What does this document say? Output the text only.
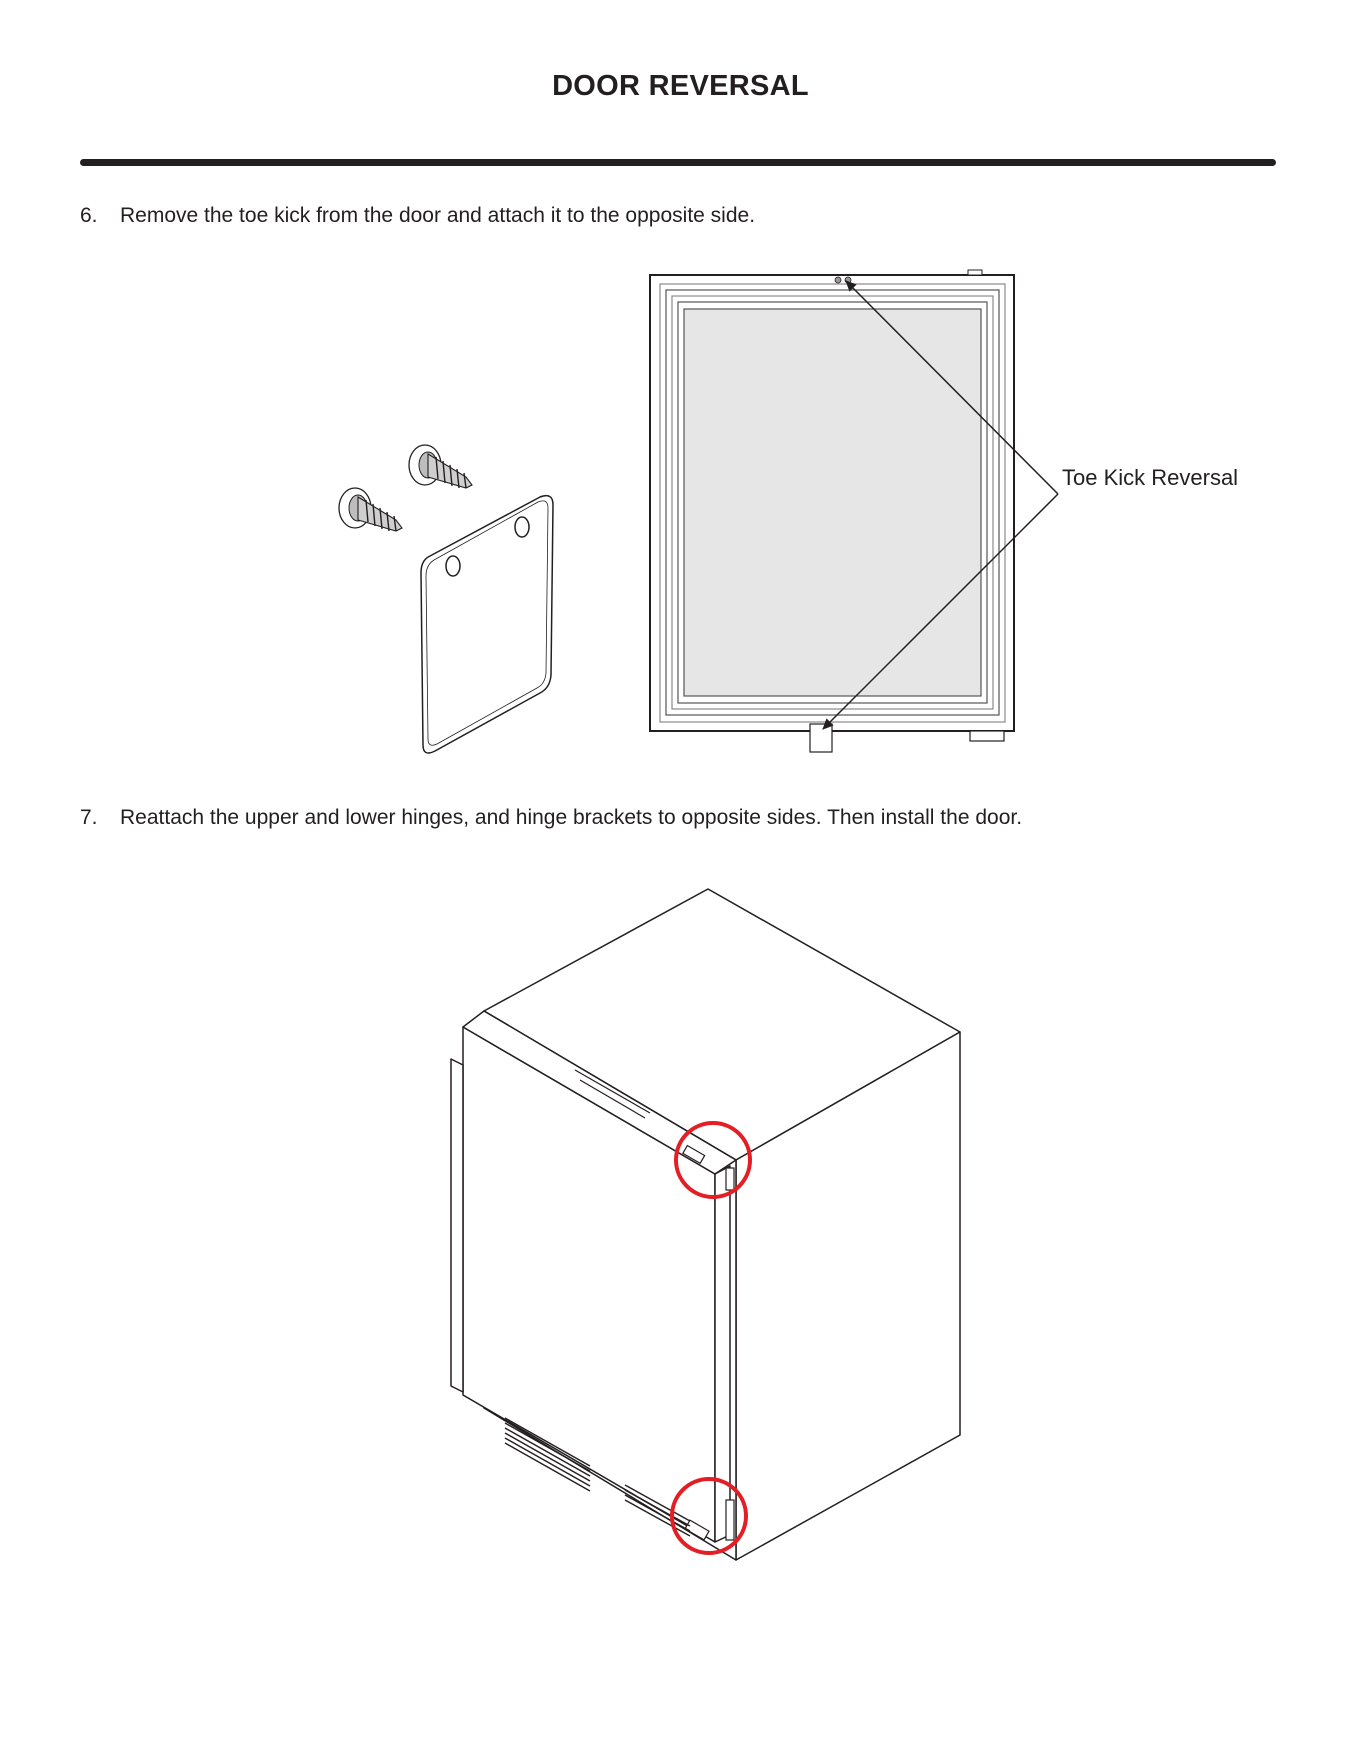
DOOR REVERSAL
6.	Remove the toe kick from the door and attach it to the opposite side.
7.	Reattach the upper and lower hinges, and hinge brackets to opposite sides. Then install the door.
Toe Kick Reversal
